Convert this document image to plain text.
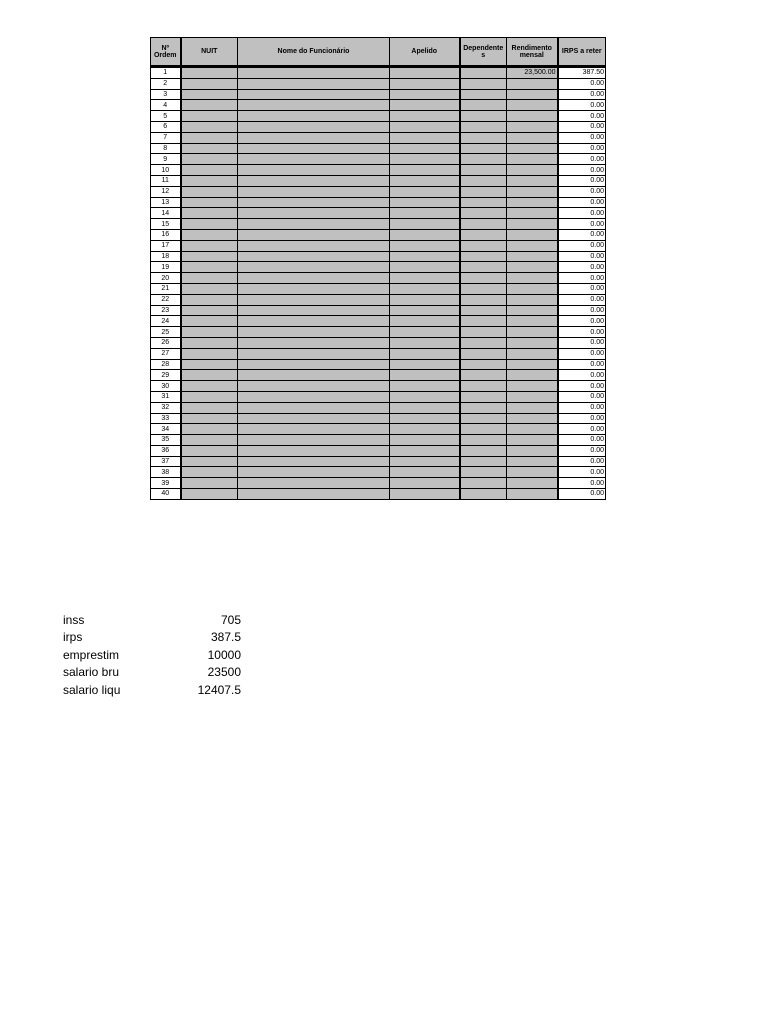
Nº Ordem	NUIT	Nome do Funcionário	Apelido	Dependentes	Rendimento mensal	IRPS a reter
1					23,500.00	387.50
2						0.00
3						0.00
4						0.00
5						0.00
6						0.00
7						0.00
8						0.00
9						0.00
10						0.00
11						0.00
12						0.00
13						0.00
14						0.00
15						0.00
16						0.00
17						0.00
18						0.00
19						0.00
20						0.00
21						0.00
22						0.00
23						0.00
24						0.00
25						0.00
26						0.00
27						0.00
28						0.00
29						0.00
30						0.00
31						0.00
32						0.00
33						0.00
34						0.00
35						0.00
36						0.00
37						0.00
38						0.00
39						0.00
40						0.00
inss	705
irps	387.5
emprestim	10000
salario bru	23500
salario liqu	12407.5
